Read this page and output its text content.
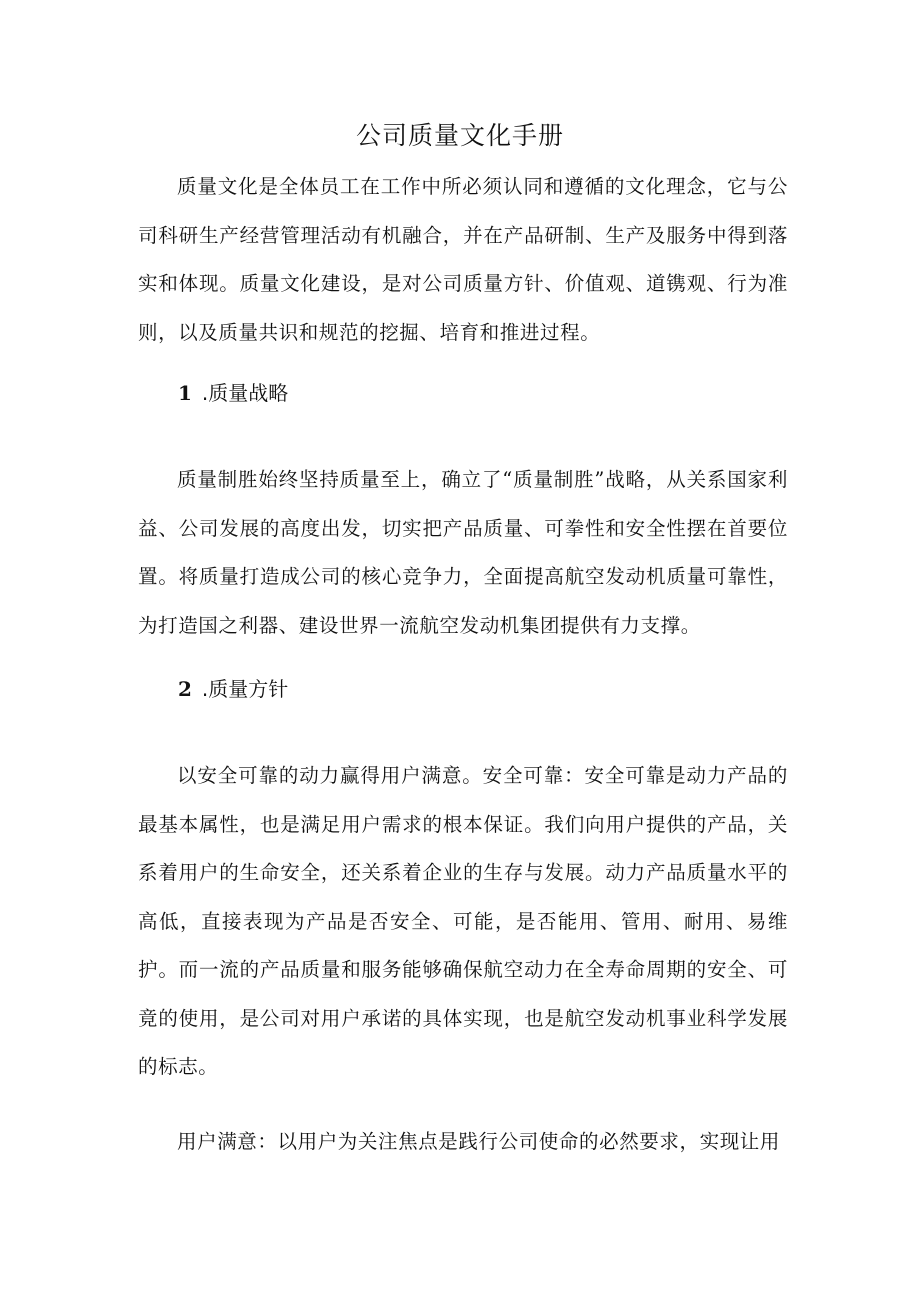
公司质量文化手册

质量文化是全体员工在工作中所必须认同和遵循的文化理念，它与公司科研生产经营管理活动有机融合，并在产品研制、生产及服务中得到落实和体现。质量文化建设，是对公司质量方针、价值观、道镌观、行为准则，以及质量共识和规范的挖掘、培育和推进过程。

1 .质量战略

质量制胜始终坚持质量至上，确立了“质量制胜”战略，从关系国家利益、公司发展的高度出发，切实把产品质量、可拳性和安全性摆在首要位置。将质量打造成公司的核心竞争力，全面提高航空发动机质量可靠性，为打造国之利器、建设世界一流航空发动机集团提供有力支撑。

2 .质量方针

以安全可靠的动力赢得用户满意。安全可靠：安全可靠是动力产品的最基本属性，也是满足用户需求的根本保证。我们向用户提供的产品，关系着用户的生命安全，还关系着企业的生存与发展。动力产品质量水平的高低，直接表现为产品是否安全、可能，是否能用、管用、耐用、易维护。而一流的产品质量和服务能够确保航空动力在全寿命周期的安全、可竟的使用，是公司对用户承诺的具体实现，也是航空发动机事业科学发展的标志。

用户满意：以用户为关注焦点是践行公司使命的必然要求，实现让用
